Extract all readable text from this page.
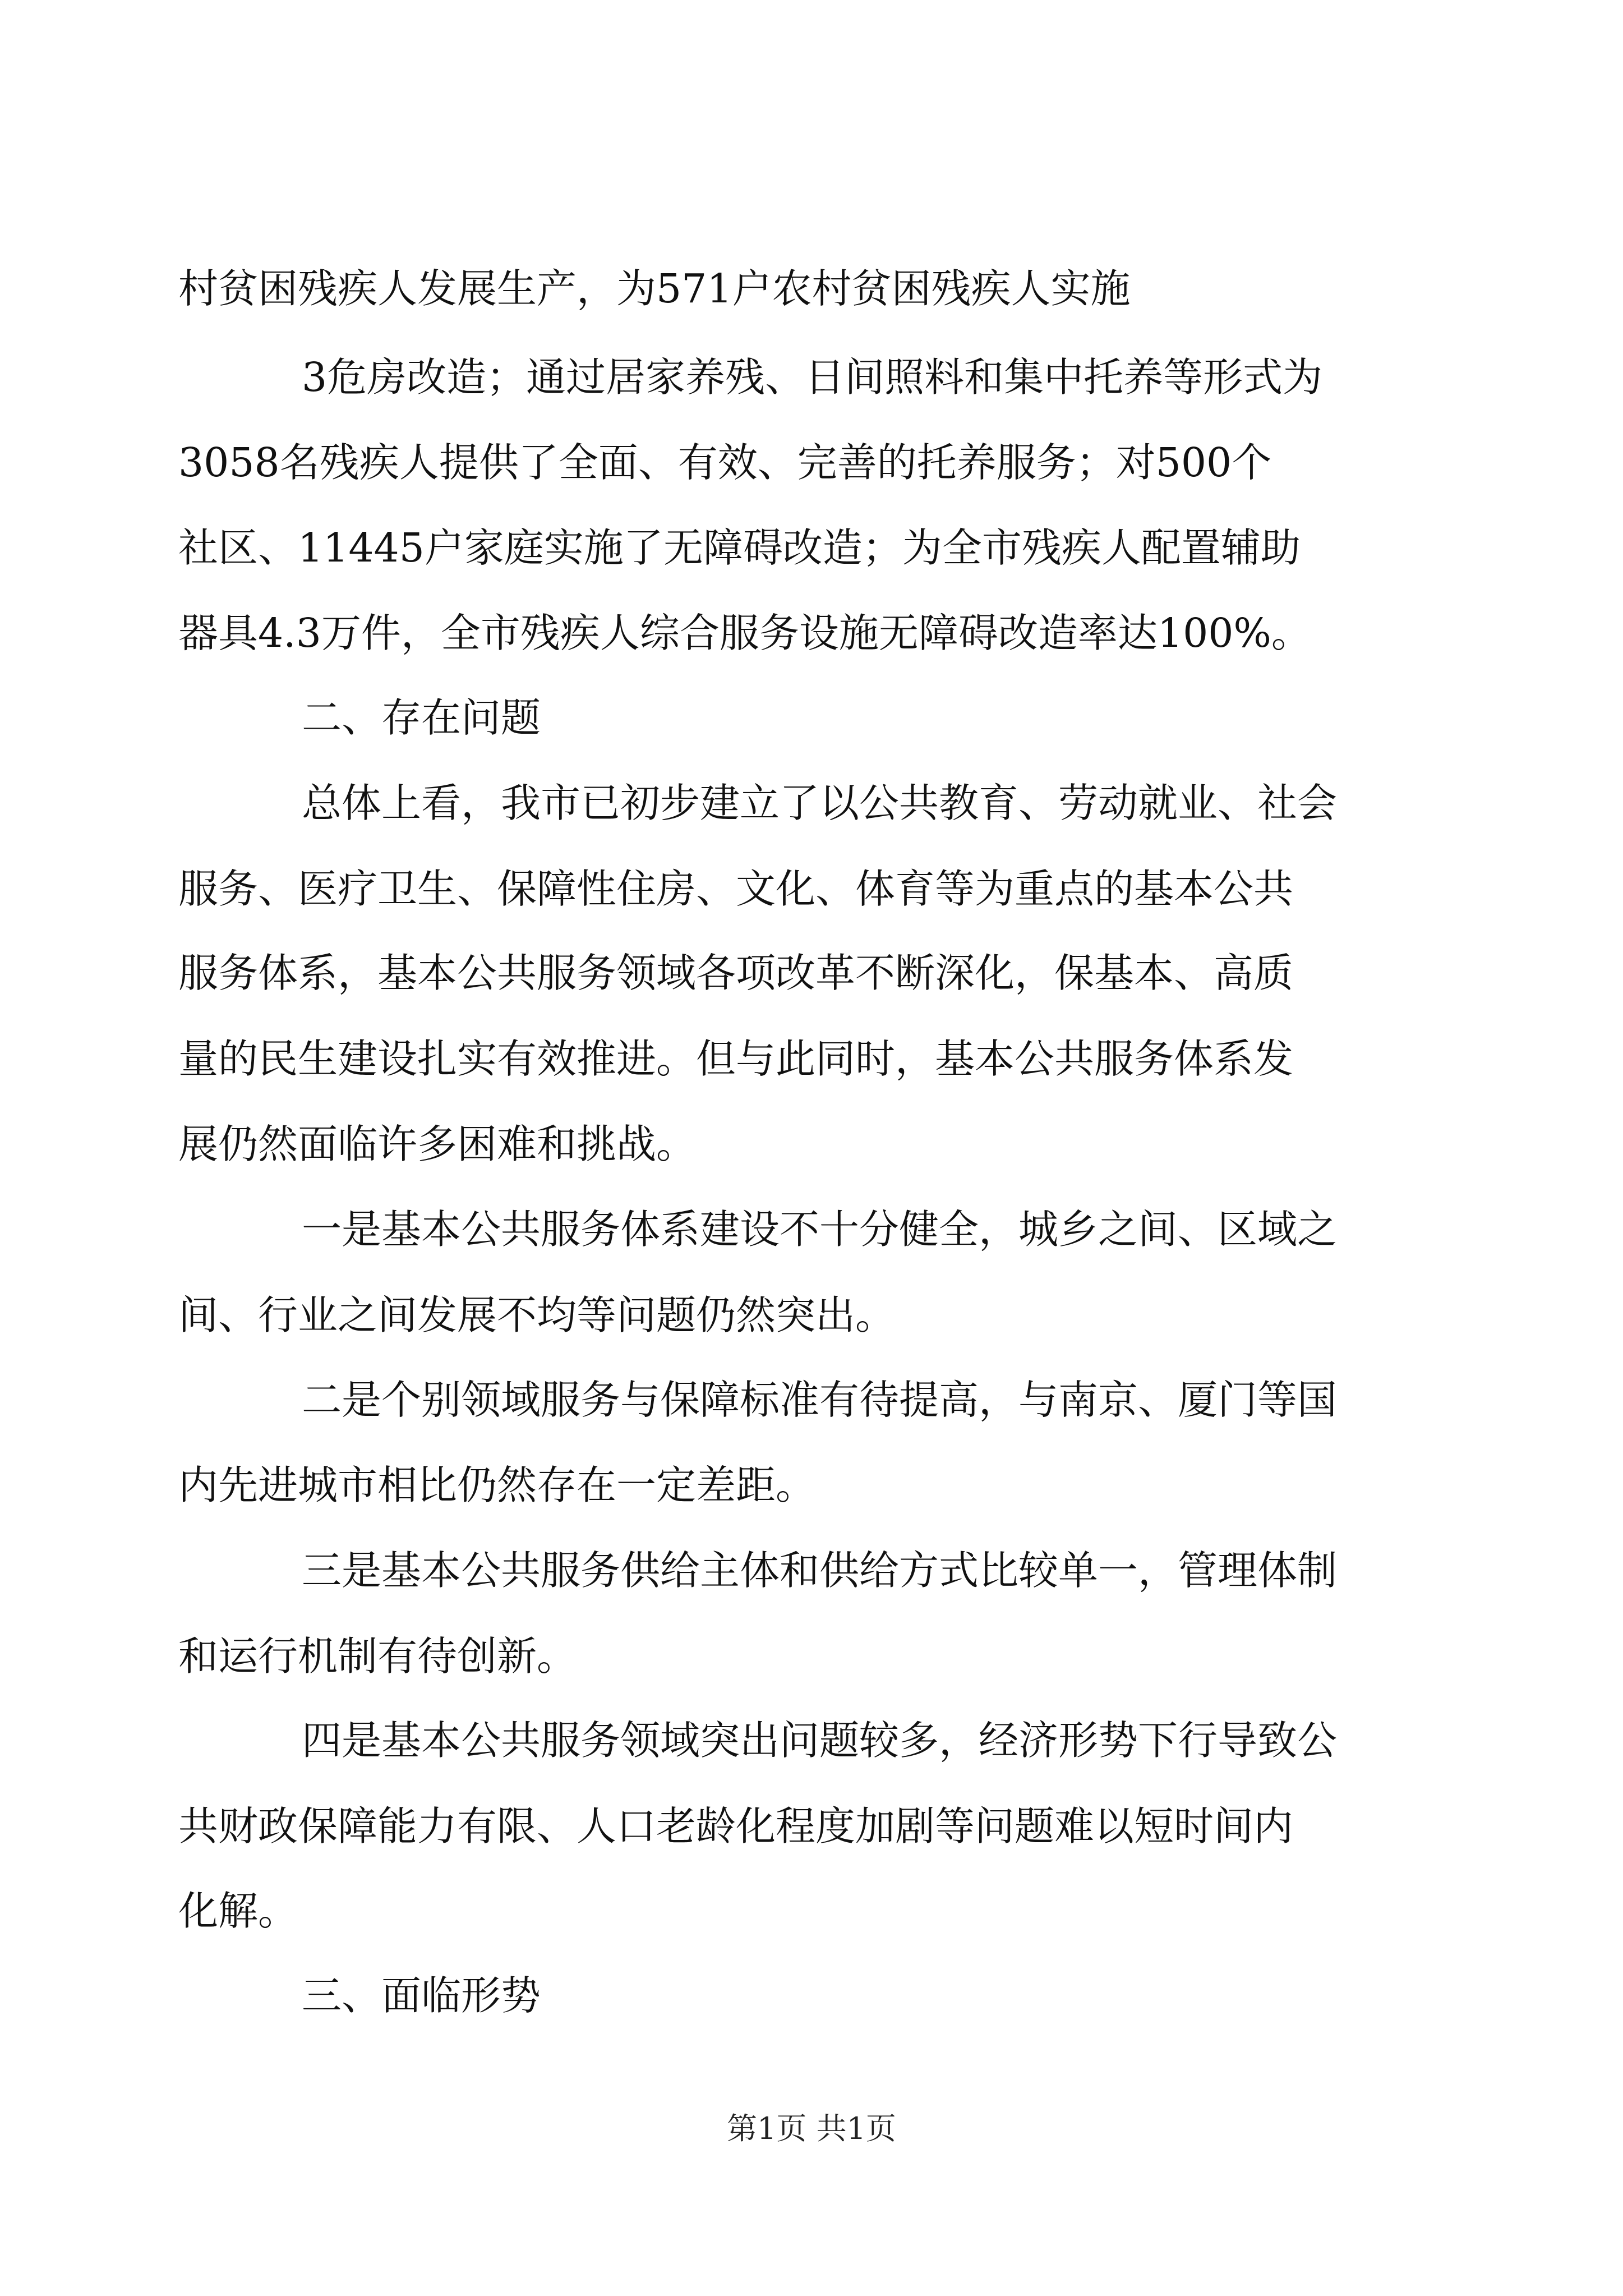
村贫困残疾人发展生产，为571户农村贫困残疾人实施
3危房改造；通过居家养残、日间照料和集中托养等形式为
3058名残疾人提供了全面、有效、完善的托养服务；对500个
社区、11445户家庭实施了无障碍改造；为全市残疾人配置辅助
器具4.3万件，全市残疾人综合服务设施无障碍改造率达100%。
二、存在问题
总体上看，我市已初步建立了以公共教育、劳动就业、社会
服务、医疗卫生、保障性住房、文化、体育等为重点的基本公共
服务体系，基本公共服务领域各项改革不断深化，保基本、高质
量的民生建设扎实有效推进。但与此同时，基本公共服务体系发
展仍然面临许多困难和挑战。
一是基本公共服务体系建设不十分健全，城乡之间、区域之
间、行业之间发展不均等问题仍然突出。
二是个别领域服务与保障标准有待提高，与南京、厦门等国
内先进城市相比仍然存在一定差距。
三是基本公共服务供给主体和供给方式比较单一，管理体制
和运行机制有待创新。
四是基本公共服务领域突出问题较多，经济形势下行导致公
共财政保障能力有限、人口老龄化程度加剧等问题难以短时间内
化解。
三、面临形势
第1页 共1页
